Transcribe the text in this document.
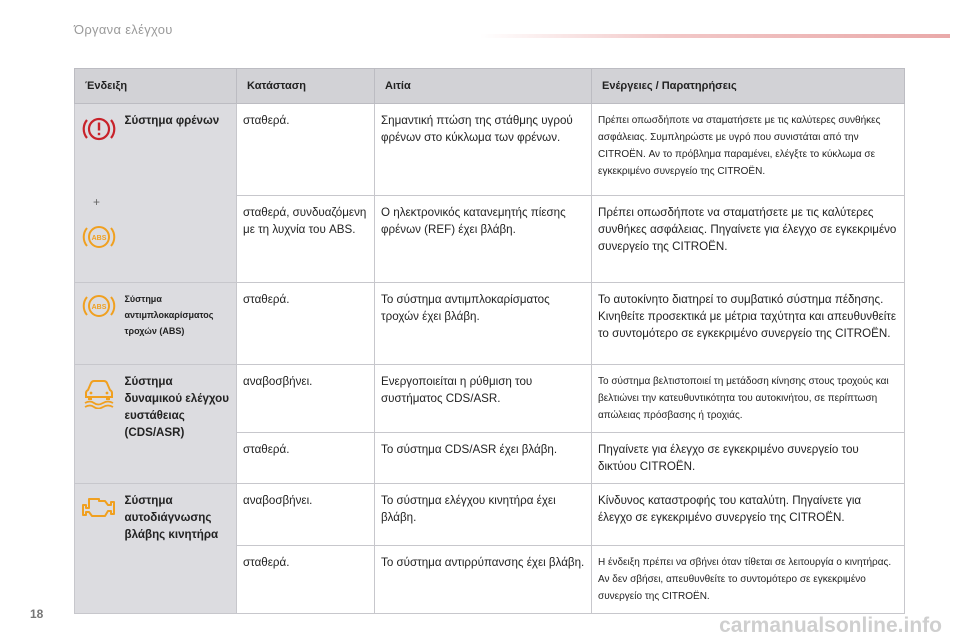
Όργανα ελέγχου
Ένδειξη		Κατάσταση	Αιτία	Ενέργειες / Παρατηρήσεις

+
ABS	Σύστημα φρένων	σταθερά.	Σημαντική πτώση της στάθμης υγρού φρένων στο κύκλωμα των φρένων.	Πρέπει οπωσδήποτε να σταματήσετε με τις καλύτερες συνθήκες ασφάλειας. Συμπληρώστε με υγρό που συνιστάται από την CITROËN. Αν το πρόβλημα παραμένει, ελέγξτε το κύκλωμα σε εγκεκριμένο συνεργείο της CITROËN.
		σταθερά, συνδυαζόμενη με τη λυχνία του ABS.	Ο ηλεκτρονικός κατανεμητής πίεσης φρένων (REF) έχει βλάβη.	Πρέπει οπωσδήποτε να σταματήσετε με τις καλύτερες συνθήκες ασφάλειας. Πηγαίνετε για έλεγχο σε εγκεκριμένο συνεργείο της CITROËN.

ABS	Σύστημα αντιμπλοκαρίσματος τροχών (ABS)	σταθερά.	Το σύστημα αντιμπλοκαρίσματος τροχών έχει βλάβη.	Το αυτοκίνητο διατηρεί το συμβατικό σύστημα πέδησης. Κινηθείτε προσεκτικά με μέτρια ταχύτητα και απευθυνθείτε το συντομότερο σε εγκεκριμένο συνεργείο της CITROËN.

	Σύστημα δυναμικού ελέγχου ευστάθειας (CDS/ASR)	αναβοσβήνει.	Ενεργοποιείται η ρύθμιση του συστήματος CDS/ASR.	Το σύστημα βελτιστοποιεί τη μετάδοση κίνησης στους τροχούς και βελτιώνει την κατευθυντικότητα του αυτοκινήτου, σε περίπτωση απώλειας πρόσβασης ή τροχιάς.
		σταθερά.	Το σύστημα CDS/ASR έχει βλάβη.	Πηγαίνετε για έλεγχο σε εγκεκριμένο συνεργείο του δικτύου CITROËN.

	Σύστημα αυτοδιάγνωσης βλάβης κινητήρα	αναβοσβήνει.	Το σύστημα ελέγχου κινητήρα έχει βλάβη.	Κίνδυνος καταστροφής του καταλύτη. Πηγαίνετε για έλεγχο σε εγκεκριμένο συνεργείο της CITROËN.
		σταθερά.	Το σύστημα αντιρρύπανσης έχει βλάβη.	Η ένδειξη πρέπει να σβήνει όταν τίθεται σε λειτουργία ο κινητήρας. Αν δεν σβήσει, απευθυνθείτε το συντομότερο σε εγκεκριμένο συνεργείο της CITROËN.
18	carmanualsonline.info
